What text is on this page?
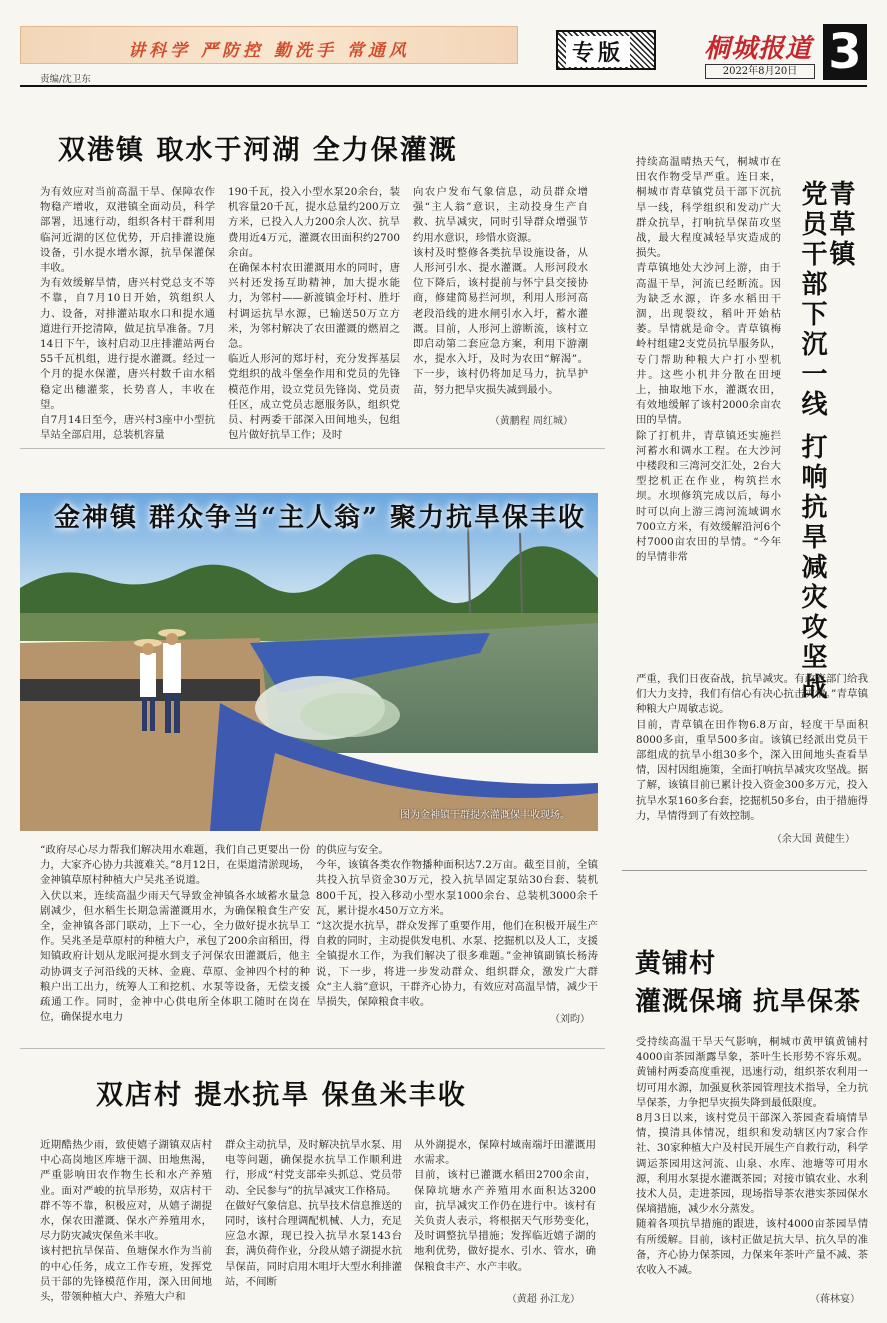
讲科学 严防控 勤洗手 常通风
责编/沈卫东
专版	桐城报道
2022年8月20日 3
双港镇 取水于河湖 全力保灌溉
为有效应对当前高温干旱、保障农作物稳产增收，双港镇全面动员，科学部署，迅速行动，组织各村干群利用临河近湖的区位优势，开启排灌设施设备，引水提水增水源，抗旱保灌保丰收。
为有效缓解旱情，唐兴村党总支不等不靠，自7月10日开始，筑组织人力、设备，对排灌站取水口和提水通道进行开挖清障，做足抗旱准备。7月14日下午，该村启动卫庄排灌站两台55千瓦机组，进行提水灌溉。经过一个月的提水保灌，唐兴村数千亩水稻稳定出穗灌浆，长势喜人，丰收在望。
自7月14日至今，唐兴村3座中小型抗旱站全部启用，总装机容量
190千瓦，投入小型水泵20余台，装机容量20千瓦，提水总量约200万立方米，已投入人力200余人次、抗旱费用近4万元，灌溉农田面积约2700余亩。
在确保本村农田灌溉用水的同时，唐兴村还发扬互助精神，加大提水能力，为邻村——新渡镇金圩村、胜圩村调运抗旱水源，已输送50万立方米，为邻村解决了农田灌溉的燃眉之急。
临近人形河的郑圩村，充分发挥基层党组织的战斗堡垒作用和党员的先锋模范作用，设立党员先锋岗、党员责任区，成立党员志愿服务队，组织党员、村两委干部深入田间地头，包组包片做好抗旱工作；及时
向农户发布气象信息，动员群众增强“主人翁”意识，主动投身生产自救、抗旱减灾，同时引导群众增强节约用水意识，珍惜水资源。
该村及时整修各类抗旱设施设备，从人形河引水、提水灌溉。人形河段水位下降后，该村提前与怀宁县交接协商，修建简易拦河坝，利用人形河高老段沿线的进水闸引水入圩，蓄水灌溉。目前，人形河上游断流，该村立即启动第二套应急方案，利用下游潮水，提水入圩，及时为农田“解渴”。下一步，该村仍将加足马力，抗旱护苗，努力把旱灾损失减到最小。
（黄鹏程 周红城）
金神镇 群众争当“主人翁” 聚力抗旱保丰收
图为金神镇干群提水灌溉保丰收现场。
“政府尽心尽力帮我们解决用水难题，我们自己更要出一份力，大家齐心协力共渡难关。”8月12日，在渠道清淤现场，金神镇草原村种植大户吴兆圣说道。
入伏以来，连续高温少雨天气导致金神镇各水域蓄水量急剧减少，但水稻生长期急需灌溉用水，为确保粮食生产安全，金神镇各部门联动，上下一心，全力做好提水抗旱工作。吴兆圣是草原村的种植大户，承包了200余亩稻田，得知镇政府计划从龙眠河提水到支子河保农田灌溉后，他主动协调支子河沿线的天林、金鹿、草原、金神四个村的种粮户出工出力，统筹人工和挖机、水泵等设备，无偿支援疏通工作。同时，金神中心供电所全体职工随时在岗在位，确保提水电力
的供应与安全。
今年，该镇各类农作物播种面积达7.2万亩。截至目前，全镇共投入抗旱资金30万元，投入抗旱固定泵站30台套、装机800千瓦，投入移动小型水泵1000余台、总装机3000余千瓦，累计提水450万立方米。
“这次提水抗旱，群众发挥了重要作用，他们在积极开展生产自救的同时，主动提供发电机、水泵、挖掘机以及人工，支援全镇提水工作，为我们解决了很多难题。”金神镇副镇长杨涛说，下一步，将进一步发动群众、组织群众，激发广大群众“主人翁”意识，干群齐心协力，有效应对高温旱情，减少干旱损失，保障粮食丰收。
（刘昀）
双店村 提水抗旱 保鱼米丰收
近期酷热少雨，致使嬉子湖镇双店村中心高岗地区库塘干涸、田地焦渴，严重影响田农作物生长和水产养殖业。面对严峻的抗旱形势，双店村干群不等不靠，积极应对，从嬉子湖提水，保农田灌溉、保水产养殖用水，尽力防灾减灾保鱼米丰收。
该村把抗旱保苗、鱼塘保水作为当前的中心任务，成立工作专班，发挥党员干部的先锋模范作用，深入田间地头，带领种植大户、养殖大户和
群众主动抗旱，及时解决抗旱水泵、用电等问题，确保提水抗旱工作顺利进行，形成“村党支部牵头抓总、党员带动、全民参与”的抗旱减灾工作格局。
在做好气象信息、抗旱技术信息推送的同时，该村合理调配机械、人力，充足应急水源，现已投入抗旱水泵143台套，满负荷作业，分段从嬉子湖提水抗旱保苗，同时启用木咀圩大型水利排灌站，不间断
从外湖提水，保障村域南端圩田灌溉用水需求。
目前，该村已灌溉水稻田2700余亩，保障坑塘水产养殖用水面积达3200亩，抗旱减灾工作仍在进行中。该村有关负责人表示，将根据天气形势变化，及时调整抗旱措施；发挥临近嬉子湖的地利优势，做好提水、引水、管水，确保粮食丰产、水产丰收。
（黄超 孙江龙）
持续高温晴热天气，桐城市在田农作物受旱严重。连日来，桐城市青草镇党员干部下沉抗旱一线，科学组织和发动广大群众抗旱，打响抗旱保苗攻坚战，最大程度减轻旱灾造成的损失。
青草镇地处大沙河上游，由于高温干旱，河流已经断流。因为缺乏水源，许多水稻田干涸，出现裂纹，稻叶开始枯萎。旱情就是命令。青草镇梅岭村组建2支党员抗旱服务队，专门帮助种粮大户打小型机井。这些小机井分散在田埂上，抽取地下水，灌溉农田，有效地缓解了该村2000余亩农田的旱情。
除了打机井，青草镇还实施拦河蓄水和调水工程。在大沙河中楼段和三湾河交汇处，2台大型挖机正在作业，构筑拦水坝。水坝修筑完成以后，每小时可以向上游三湾河流域调水700立方米，有效缓解沿河6个村7000亩农田的旱情。“今年的旱情非常
青草镇
党员干部下沉一线 打响抗旱减灾攻坚战
严重，我们日夜奋战，抗旱减灾。有政府部门给我们大力支持，我们有信心有决心抗击灾情。”青草镇种粮大户周敏志说。
目前，青草镇在田作物6.8万亩，轻度干旱面积8000多亩，重旱500多亩。该镇已经派出党员干部组成的抗旱小组30多个，深入田间地头查看旱情，因村因组施策，全面打响抗旱减灾攻坚战。据了解，该镇目前已累计投入资金300多万元，投入抗旱水泵160多台套，挖掘机50多台，由于措施得力，旱情得到了有效控制。
（余大国 黄健生）
黄铺村
灌溉保墒 抗旱保茶
受持续高温干旱天气影响，桐城市黄甲镇黄铺村4000亩茶园渐露旱象，茶叶生长形势不容乐观。黄铺村两委高度重视，迅速行动，组织茶农利用一切可用水源，加强夏秋茶园管理技术指导，全力抗旱保茶，力争把旱灾损失降到最低限度。
8月3日以来，该村党员干部深入茶园查看墒情旱情，摸清具体情况，组织和发动辖区内7家合作社、30家种植大户及村民开展生产自救行动，科学调运茶园用这河流、山泉、水库、池塘等可用水源，利用水泵提水灌溉茶园；对接市镇农业、水利技术人员，走进茶园，现场指导茶农港实茶园保水保墒措施，减少水分蒸发。
随着各项抗旱措施的跟进，该村4000亩茶园旱情有所缓解。目前，该村正做足抗大旱、抗久旱的准备，齐心协力保茶园，力保来年茶叶产量不减、茶农收入不减。
（蒋林宴）
